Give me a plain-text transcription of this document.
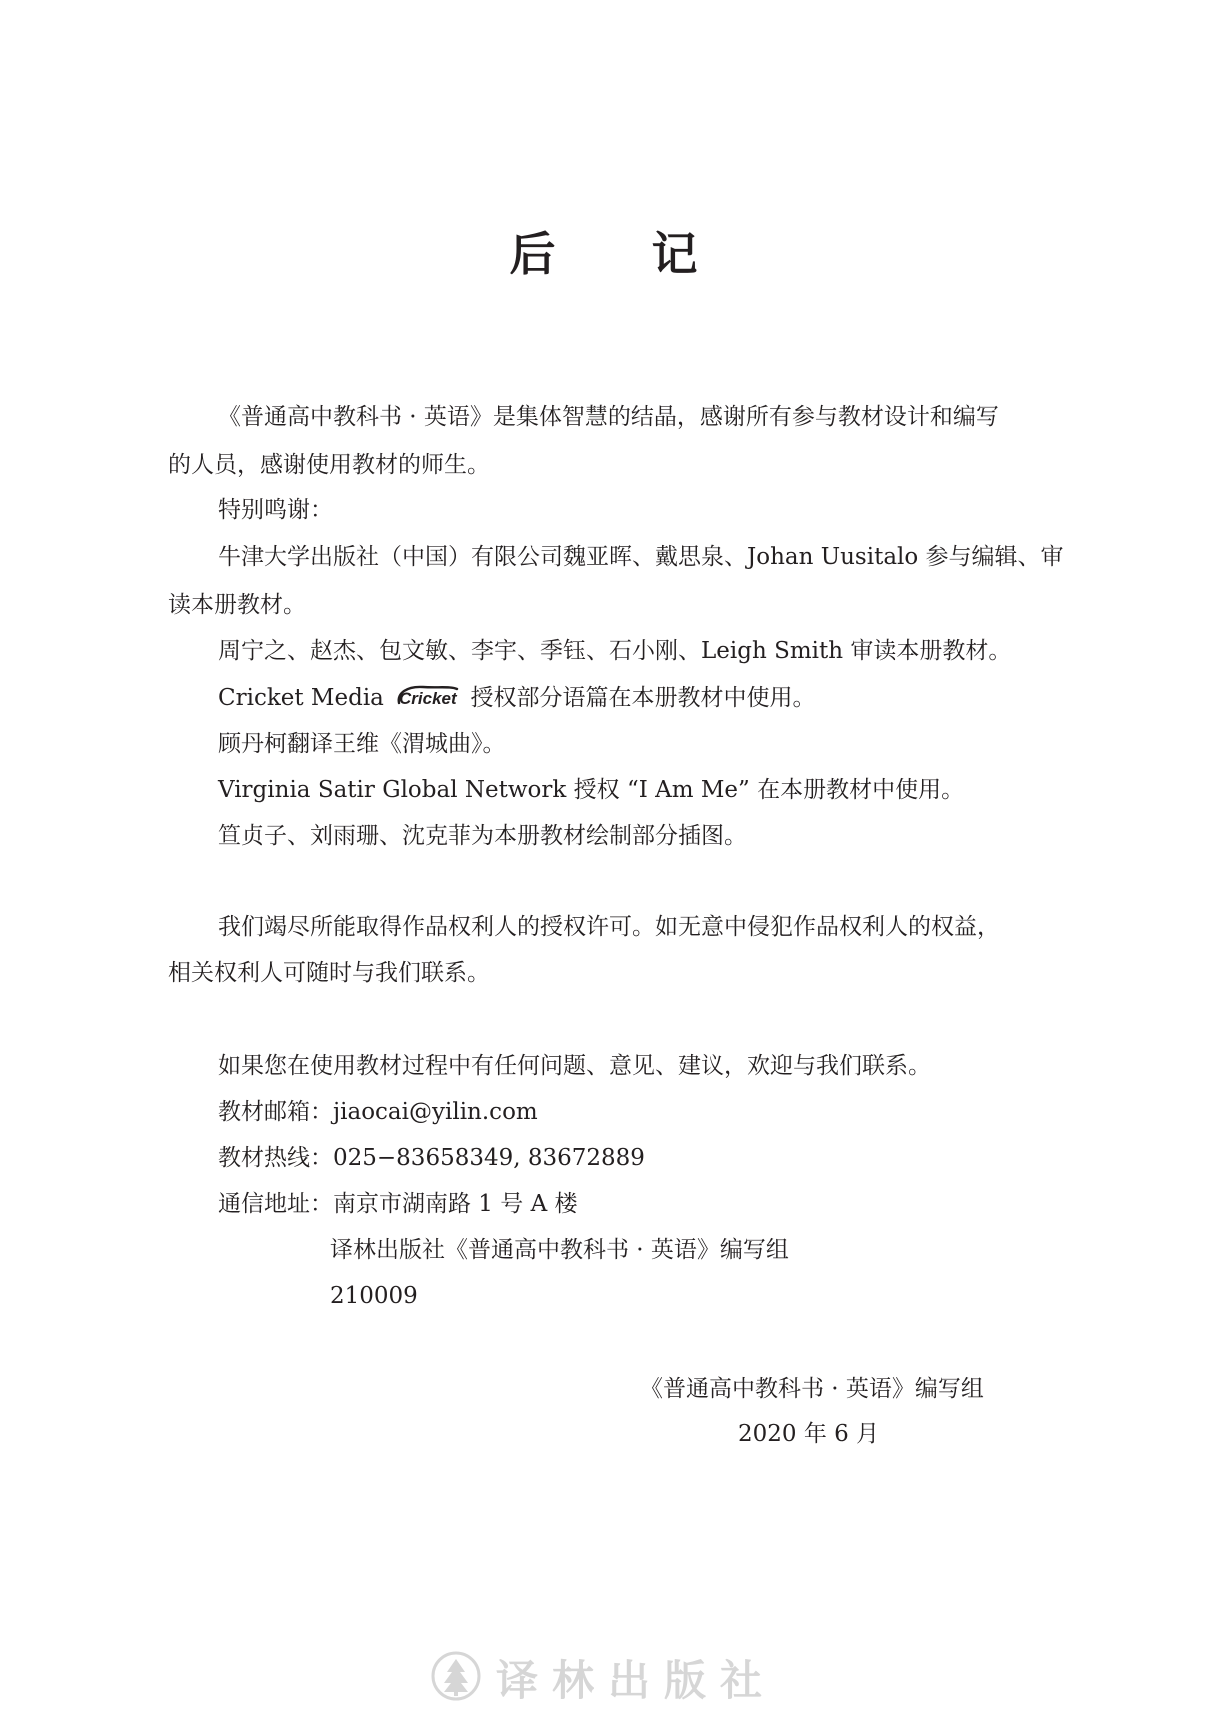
后 记
《普通高中教科书 · 英语》是集体智慧的结晶，感谢所有参与教材设计和编写
的人员，感谢使用教材的师生。
特别鸣谢：
牛津大学出版社（中国）有限公司魏亚晖、戴思泉、Johan Uusitalo 参与编辑、审
读本册教材。
周宁之、赵杰、包文敏、李宇、季钰、石小刚、Leigh Smith 审读本册教材。
Cricket Media Cricket 授权部分语篇在本册教材中使用。
顾丹柯翻译王维《渭城曲》。
Virginia Satir Global Network 授权 “I Am Me” 在本册教材中使用。
笪贞子、刘雨珊、沈克菲为本册教材绘制部分插图。
我们竭尽所能取得作品权利人的授权许可。如无意中侵犯作品权利人的权益，
相关权利人可随时与我们联系。
如果您在使用教材过程中有任何问题、意见、建议，欢迎与我们联系。
教材邮箱：jiaocai@yilin.com
教材热线：025−83658349, 83672889
通信地址：南京市湖南路 1 号 A 楼
译林出版社《普通高中教科书 · 英语》编写组
210009
《普通高中教科书 · 英语》编写组
2020 年 6 月
译林出版社
